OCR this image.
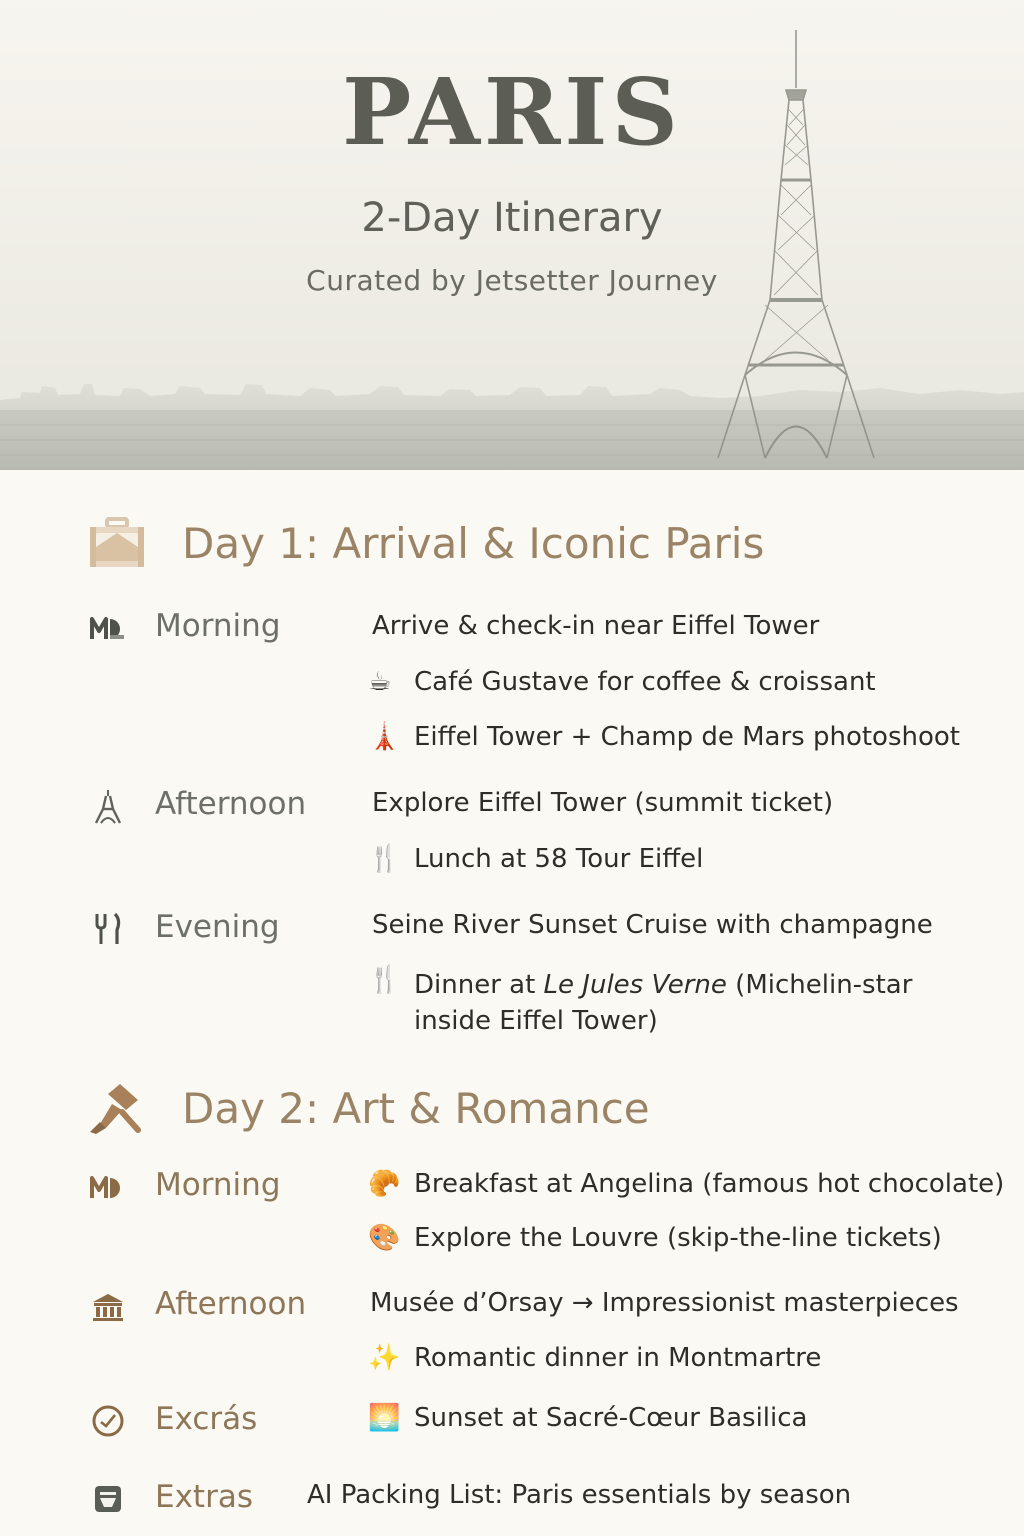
PARIS
2-Day Itinerary
Curated by Jetsetter Journey
Day 1: Arrival & Iconic Paris
Morning	Arrive & check-in near Eiffel Tower
☕ Café Gustave for coffee & croissant
🗼 Eiffel Tower + Champ de Mars photoshoot
Afternoon	Explore Eiffel Tower (summit ticket)
🍴 Lunch at 58 Tour Eiffel
Evening	Seine River Sunset Cruise with champagne
🍴 Dinner at Le Jules Verne (Michelin-star inside Eiffel Tower)
Day 2: Art & Romance
Morning	🥐 Breakfast at Angelina (famous hot chocolate)
🎨 Explore the Louvre (skip-the-line tickets)
Afternoon Musée d’Orsay → Impressionist masterpieces
✨ Romantic dinner in Montmartre
Excrás	🌅 Sunset at Sacré-Cœur Basilica
Extras AI Packing List: Paris essentials by season
